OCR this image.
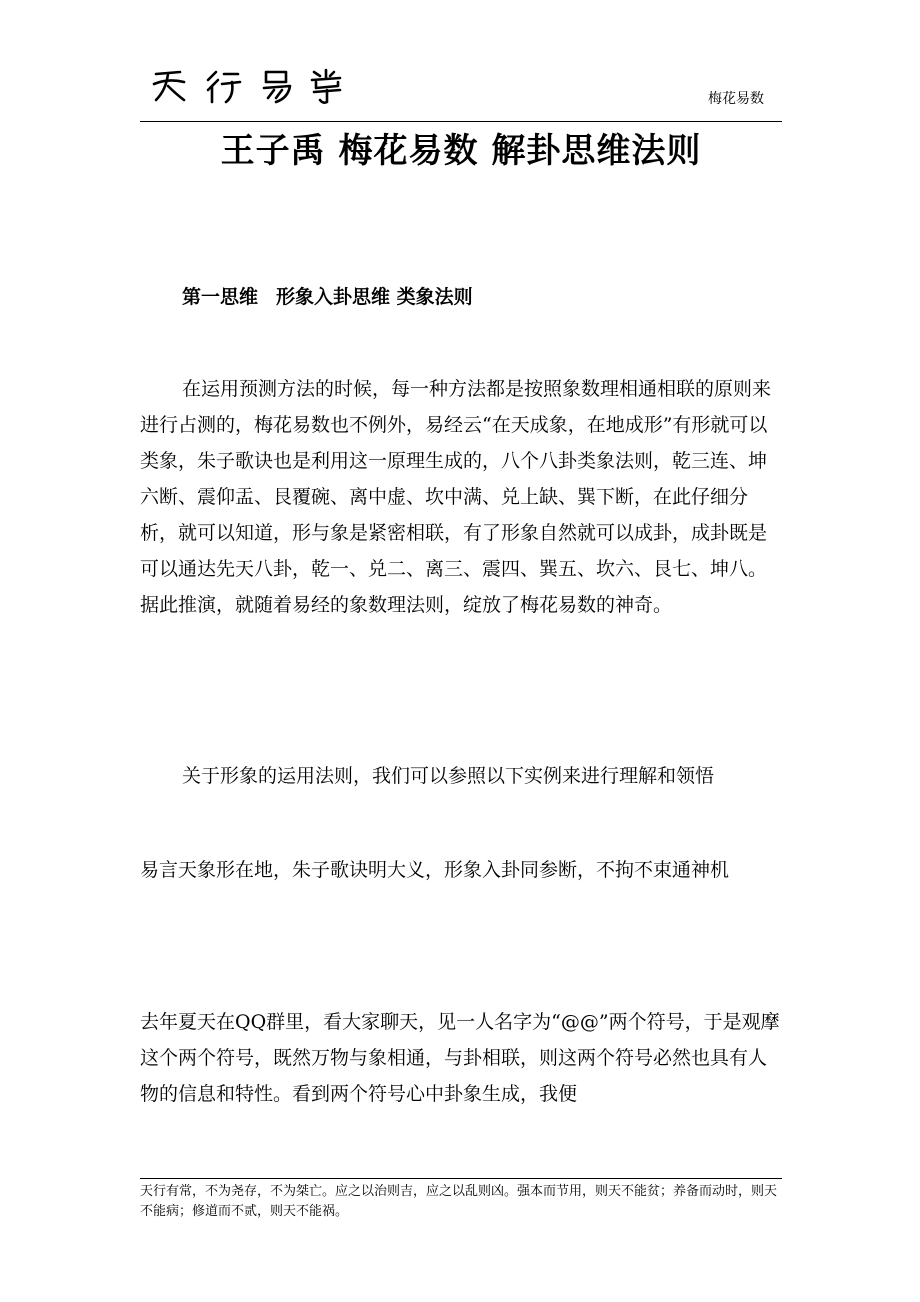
梅花易数
王子禹 梅花易数 解卦思维法则
第一思维 形象入卦思维 类象法则

在运用预测方法的时候，每一种方法都是按照象数理相通相联的原则来进行占测的，梅花易数也不例外，易经云“在天成象，在地成形”有形就可以类象，朱子歌诀也是利用这一原理生成的，八个八卦类象法则，乾三连、坤六断、震仰盂、艮覆碗、离中虚、坎中满、兑上缺、巽下断，在此仔细分析，就可以知道，形与象是紧密相联，有了形象自然就可以成卦，成卦既是可以通达先天八卦，乾一、兑二、离三、震四、巽五、坎六、艮七、坤八。据此推演，就随着易经的象数理法则，绽放了梅花易数的神奇。

关于形象的运用法则，我们可以参照以下实例来进行理解和领悟

易言天象形在地，朱子歌诀明大义，形象入卦同参断，不拘不束通神机

去年夏天在QQ群里，看大家聊天，见一人名字为“@@”两个符号，于是观摩这个两个符号，既然万物与象相通，与卦相联，则这两个符号必然也具有人物的信息和特性。看到两个符号心中卦象生成，我便

天行有常，不为尧存，不为桀亡。应之以治则吉，应之以乱则凶。强本而节用，则天不能贫；养备而动时，则天不能病；修道而不贰，则天不能祸。
